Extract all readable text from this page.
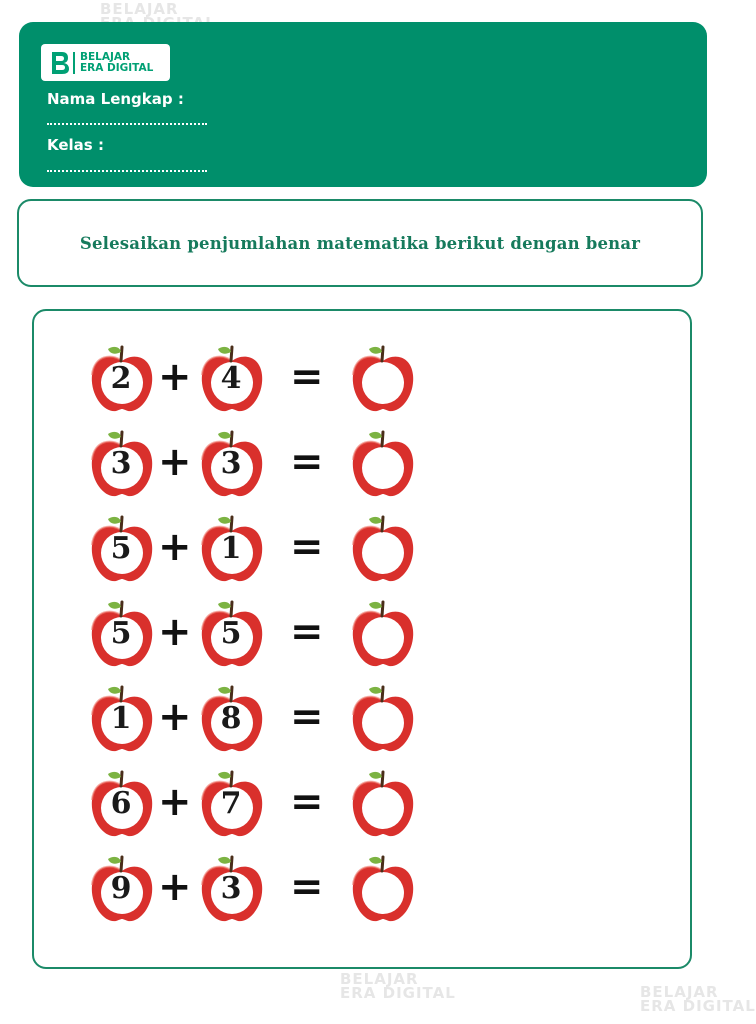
BELAJAR

BELAJAR
ERA DIGITAL	BELAJAR
ERA DIGITAL
BELAJAR
ERA DIGITAL
Nama Lengkap :
Kelas :
Selesaikan penjumlahan matematika berikut dengan benar
2 + 4	=
3 + 3	=
5 + 1	=
5 + 5	=
1 + 8	=
6 + 7	=
9 + 3	=
